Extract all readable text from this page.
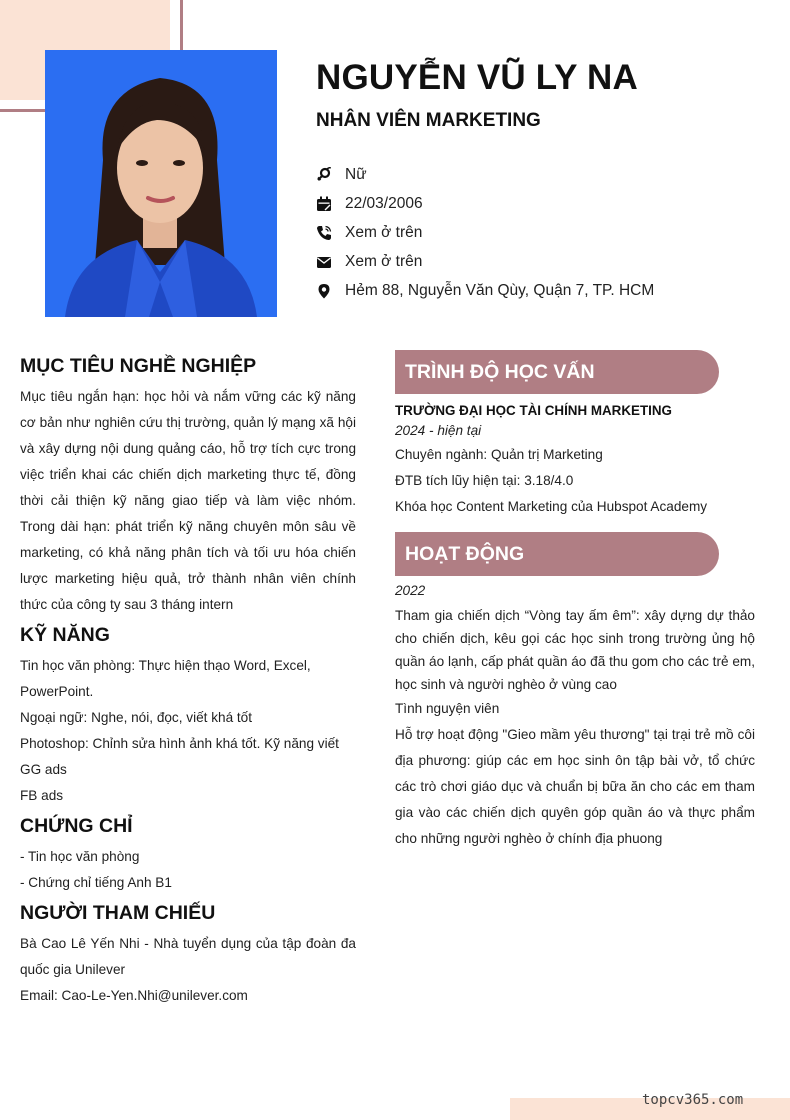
NGUYỄN VŨ LY NA
NHÂN VIÊN MARKETING
Nữ
22/03/2006
Xem ở trên
Xem ở trên
Hẻm 88, Nguyễn Văn Qùy, Quận 7, TP. HCM
MỤC TIÊU NGHỀ NGHIỆP

Mục tiêu ngắn hạn: học hỏi và nắm vững các kỹ năng cơ bản như nghiên cứu thị trường, quản lý mạng xã hội và xây dựng nội dung quảng cáo, hỗ trợ tích cực trong việc triển khai các chiến dịch marketing thực tế, đồng thời cải thiện kỹ năng giao tiếp và làm việc nhóm. Trong dài hạn: phát triển kỹ năng chuyên môn sâu về marketing, có khả năng phân tích và tối ưu hóa chiến lược marketing hiệu quả, trở thành nhân viên chính thức của công ty sau 3 tháng intern

KỸ NĂNG

Tin học văn phòng: Thực hiện thạo Word, Excel, PowerPoint.

Ngoại ngữ: Nghe, nói, đọc, viết khá tốt

Photoshop: Chỉnh sửa hình ảnh khá tốt. Kỹ năng viết GG ads

FB ads

CHỨNG CHỈ

- Tin học văn phòng

- Chứng chỉ tiếng Anh B1

NGƯỜI THAM CHIẾU

Bà Cao Lê Yến Nhi - Nhà tuyển dụng của tập đoàn đa quốc gia Unilever

Email: Cao-Le-Yen.Nhi@unilever.com

TRÌNH ĐỘ HỌC VẤN
TRƯỜNG ĐẠI HỌC TÀI CHÍNH MARKETING
2024 - hiện tại
Chuyên ngành: Quản trị Marketing
ĐTB tích lũy hiện tại: 3.18/4.0
Khóa học Content Marketing của Hubspot Academy
HOẠT ĐỘNG
2022

Tham gia chiến dịch “Vòng tay ấm êm”: xây dựng dự thảo cho chiến dịch, kêu gọi các học sinh trong trường ủng hộ quần áo lạnh, cấp phát quần áo đã thu gom cho các trẻ em, học sinh và người nghèo ở vùng cao

Tình nguyện viên

Hỗ trợ hoạt động "Gieo mầm yêu thương" tại trại trẻ mồ côi địa phương: giúp các em học sinh ôn tập bài vở, tổ chức các trò chơi giáo dục và chuẩn bị bữa ăn cho các em tham gia vào các chiến dịch quyên góp quần áo và thực phẩm cho những người nghèo ở chính địa phuong

topcv365.com
